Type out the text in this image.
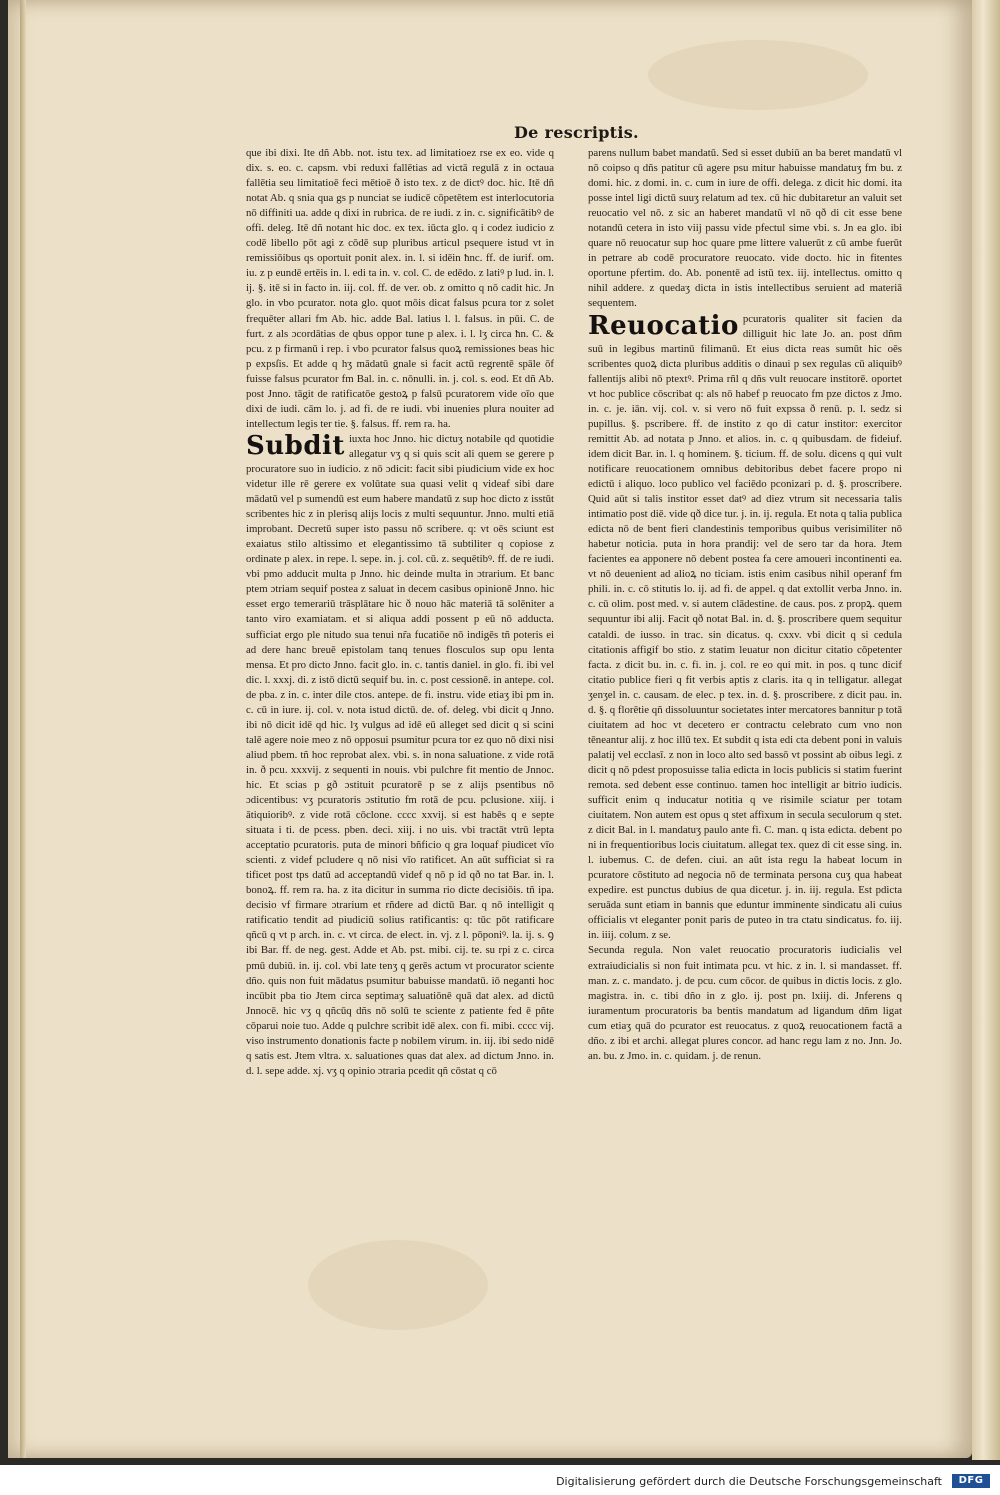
De rescriptis.

que ibi dixi. Ite dñ Abb. not. istu tex. ad limitatioez rse ex eo. vide q dix. s. eo. c. capsm. vbi reduxi fallētias ad victā regulā z in octaua fallētia seu limitatioē feci mētioē ð isto tex. z de dictꝰ doc. hic. Itē dñ notat Ab. q snia qua gs p nunciat se iudicē cōpetētem est interlocutoria nō diffiniti ua. adde q dixi in rubrica. de re iudi. z in. c. significātibꝰ de offi. deleg. Itē dñ notant hic doc. ex tex. iūcta glo. q i codez iudicio z codē libello pōt agi z cōdē sup pluribus articul psequere istud vt in remissiōibus qs oportuit ponit alex. in. l. si idēin ħnc. ff. de iurif. om. iu. z p eundē ertēis in. l. edi ta in. v. col. C. de edēdo. z latiꝰ p lud. in. l. ij. §. itē si in facto in. iij. col. ff. de ver. ob. z omitto q nō cadit hic. Jn glo. in vbo pcurator. nota glo. quot mōis dicat falsus pcura tor z solet frequēter allari fm Ab. hic. adde Bal. latius l. l. falsus. in pūi. C. de furt. z als ɔcordātias de qbus oppor tune p alex. i. l. lʒ circa ħn. C. & pcu. z p firmanū i rep. i vbo pcurator falsus quoꝝ remissiones beas hic p expsſis. Et adde q hʒ mādatū gnale si facit actū regrentē spāle ōf fuisse falsus pcurator fm Bal. in. c. nōnulli. in. j. col. s. eod. Et dñ Ab. post Jnno. tāgit de ratificatōe gestoꝝ p falsū pcuratorem vide oīo que dixi de iudi. cām lo. j. ad fi. de re iudi. vbi inuenies plura nouiter ad intellectum legis ter tie. §. falsus. ff. rem ra. ha.

Subdit iuxta hoc Jnno. hic dictuʒ notabile qd quotidie allegatur vʒ q si quis scit ali quem se gerere p procuratore suo in iudicio. z nō ɔdicit: facit sibi piudicium vide ex hoc videtur ille rē gerere ex volūtate sua quasi velit q videaf sibi dare mādatū vel p sumendū est eum habere mandatū z sup hoc dicto z isstūt scribentes hic z in plerisq alijs locis z multi sequuntur. Jnno. multi etiā improbant. Decretū super isto passu nō scribere. q: vt oēs sciunt est exaiatus stilo altissimo et elegantissimo tā subtiliter q copiose z ordinate p alex. in repe. l. sepe. in. j. col. cū. z. sequētibꝰ. ff. de re iudi. vbi pmo adducit multa p Jnno. hic deinde multa in ɔtrarium. Et banc ptem ɔtriam sequif postea z saluat in decem casibus opinionē Jnno. hic esset ergo temerariū trāsplātare hic ð nouo hāc materiā tā solēniter a tanto viro examiatam. et si aliqua addi possent p eū nō adducta. sufficiat ergo ple nitudo sua tenui nr̃a fucatiōe nō indigēs tñ poteris ei ad dere hanc breuē epistolam tanq tenues flosculos sup opu lenta mensa. Et pro dicto Jnno. facit glo. in. c. tantis daniel. in glo. fi. ibi vel dic. l. xxxj. di. z istō dictū sequif bu. in. c. post cessionē. in antepe. col. de pba. z in. c. inter dile ctos. antepe. de fi. instru. vide etiaʒ ibi pm in. c. cū in iure. ij. col. v. nota istud dictū. de. of. deleg. vbi dicit q Jnno. ibi nō dicit idē qd hic. lʒ vulgus ad idē eū alleget sed dicit q si scini talē agere noie meo z nō opposui psumitur pcura tor ez quo nō dixi nisi aliud pbem. tñ hoc reprobat alex. vbi. s. in nona saluatione. z vide rotā in. ð pcu. xxxvij. z sequenti in nouis. vbi pulchre fit mentio de Jnnoc. hic. Et scias p gð ɔstituit pcuratorē p se z alijs psentibus nō ɔdicentibus: vʒ pcuratoris ɔstitutio fm rotā de pcu. pclusione. xiij. i ātiquioribꝰ. z vide rotā cōclone. cccc xxvij. si est habēs q e septe situata i ti. de pcess. pben. deci. xiij. i no uis. vbi tractāt vtrū lepta acceptatio pcuratoris. puta de minori bñficio q gra loquaf piudicet vīo scienti. z videf pcludere q nō nisi vīo ratificet. An aūt sufficiat si ra tificet post tps datū ad acceptandū videf q nō p id qð no tat Bar. in. l. bonoꝝ. ff. rem ra. ha. z ita dicitur in summa rio dicte decisiōis. tñ ipa. decisio vf firmare ɔtrarium et rñdere ad dictū Bar. q nō intelligit q ratificatio tendit ad piudiciū solius ratificantis: q: tūc pōt ratificare qñcū q vt p arch. in. c. vt circa. de elect. in. vj. z l. pōponiꝰ. la. ij. s. ꝯ ibi Bar. ff. de neg. gest. Adde et Ab. pst. mibi. cij. te. su rpi z c. circa pmū dubiū. in. ij. col. vbi late tenʒ q gerēs actum vt procurator sciente dño. quis non fuit mādatus psumitur babuisse mandatū. iō neganti hoc incūbit pba tio Jtem circa septimaʒ saluatiōnē quā dat alex. ad dictū Jnnocē. hic vʒ q qñcūq dñs nō solū te sciente z patiente fed ē pñte cōparui noie tuo. Adde q pulchre scribit idē alex. con fi. mibi. cccc vij. viso instrumento donationis facte p nobilem virum. in. iij. ibi sedo nidē q satis est. Jtem vltra. x. saluationes quas dat alex. ad dictum Jnno. in. d. l. sepe adde. xj. vʒ q opinio ɔtraria pcedit qñ cōstat q cō

parens nullum babet mandatū. Sed si esset dubiū an ba beret mandatū vl nō coipso q dñs patitur cū agere psu mitur habuisse mandatuʒ fm bu. z domi. hic. z domi. in. c. cum in iure de offi. delega. z dicit hic domi. ita posse intel ligi dictū suuʒ relatum ad tex. cū hic dubitaretur an valuit set reuocatio vel nō. z sic an haberet mandatū vl nō qð di cit esse bene notandū cetera in isto viij passu vide pfectul sime vbi. s. Jn ea glo. ibi quare nō reuocatur sup hoc quare pme littere valuerūt z cū ambe fuerūt in petrare ab codē procuratore reuocato. vide docto. hic in fitentes oportune pfertim. do. Ab. ponentē ad istū tex. iij. intellectus. omitto q nihil addere. z quedaʒ dicta in istis intellectibus seruient ad materiā sequentem.

Reuocatio pcuratoris qualiter sit facien da dilliguit hic late Jo. an. post dñm suū in legibus martinū filimanū. Et eius dicta reas sumūt hic oēs scribentes quoꝝ dicta pluribus additis o dinaui p sex regulas cū aliquibꝰ fallentijs alibi nō ptextꝰ. Prima rñl q dñs vult reuocare institorē. oportet vt hoc publice cōscribat q: als nō habef p reuocato fm pze dictos z Jmo. in. c. je. iān. vij. col. v. si vero nō fuit expssa ð renū. p. l. sedz si pupillus. §. pscribere. ff. de instito z qo di catur institor: exercitor remittit Ab. ad notata p Jnno. et alios. in. c. q quibusdam. de fideiuf. idem dicit Bar. in. l. q hominem. §. ticium. ff. de solu. dicens q qui vult notificare reuocationem omnibus debitoribus debet facere propo ni edictū i aliquo. loco publico vel faciēdo pconizari p. d. §. proscribere. Quid aūt si talis institor esset datꝰ ad diez vtrum sit necessaria talis intimatio post diē. vide qð dice tur. j. in. ij. regula. Et nota q talia publica edicta nō de bent fieri clandestinis temporibus quibus verisimiliter nō habetur noticia. puta in hora prandij: vel de sero tar da hora. Jtem facientes ea apponere nō debent postea fa cere amoueri incontinenti ea. vt nō deuenient ad alioꝝ no ticiam. istis enim casibus nihil operanf fm phili. in. c. cō stitutis lo. ij. ad fi. de appel. q dat extollit verba Jnno. in. c. cū olim. post med. v. si autem clādestine. de caus. pos. z propꝝ. quem sequuntur ibi alij. Facit qð notat Bal. in. d. §. proscribere quem sequitur cataldi. de iusso. in trac. sin dicatus. q. cxxv. vbi dicit q si cedula citationis affigif bo stio. z statim leuatur non dicitur citatio cōpetenter facta. z dicit bu. in. c. fi. in. j. col. re eo qui mit. in pos. q tunc dicif citatio publice fieri q fit verbis aptis z claris. ita q in telligatur. allegat ʒenʒel in. c. causam. de elec. p tex. in. d. §. proscribere. z dicit pau. in. d. §. q florētie qñ dissoluuntur societates inter mercatores bannitur p totā ciuitatem ad hoc vt decetero er contractu celebrato cum vno non tēneantur alij. z hoc illū tex. Et subdit q ista edi cta debent poni in valuis palatij vel ecclasī. z non in loco alto sed bassō vt possint ab oibus legi. z dicit q nō pdest proposuisse talia edicta in locis publicis si statim fuerint remota. sed debent esse continuo. tamen hoc intelligit ar bitrio iudicis. sufficit enim q inducatur notitia q ve risimile sciatur per totam ciuitatem. Non autem est opus q stet affixum in secula seculorum q stet. z dicit Bal. in l. mandatuʒ paulo ante fi. C. man. q ista edicta. debent po ni in frequentioribus locis ciuitatum. allegat tex. quez di cit esse sing. in. l. iubemus. C. de defen. ciui. an aūt ista regu la habeat locum in pcuratore cōstituto ad negocia nō de terminata persona cuʒ qua habeat expedire. est punctus dubius de qua dicetur. j. in. iij. regula. Est pdicta seruāda sunt etiam in bannis que eduntur imminente sindicatu ali cuius officialis vt eleganter ponit paris de puteo in tra ctatu sindicatus. fo. iij. in. iiij. colum. z se.

Secunda regula. Non valet reuocatio procuratoris iudicialis vel extraiudicialis si non fuit intimata pcu. vt hic. z in. l. si mandasset. ff. man. z. c. mandato. j. de pcu. cum cōcor. de quibus in dictis locis. z glo. magistra. in. c. tibi dño in z glo. ij. post pn. lxiij. di. Jnferens q iuramentum procuratoris ba bentis mandatum ad ligandum dñm ligat cum etiaʒ quā do pcurator est reuocatus. z quoꝝ reuocationem factā a dño. z ibi et archi. allegat plures concor. ad hanc regu lam z no. Jnn. Jo. an. bu. z Jmo. in. c. quidam. j. de renun.

Digitalisierung gefördert durch die Deutsche Forschungsgemeinschaft	DFG
